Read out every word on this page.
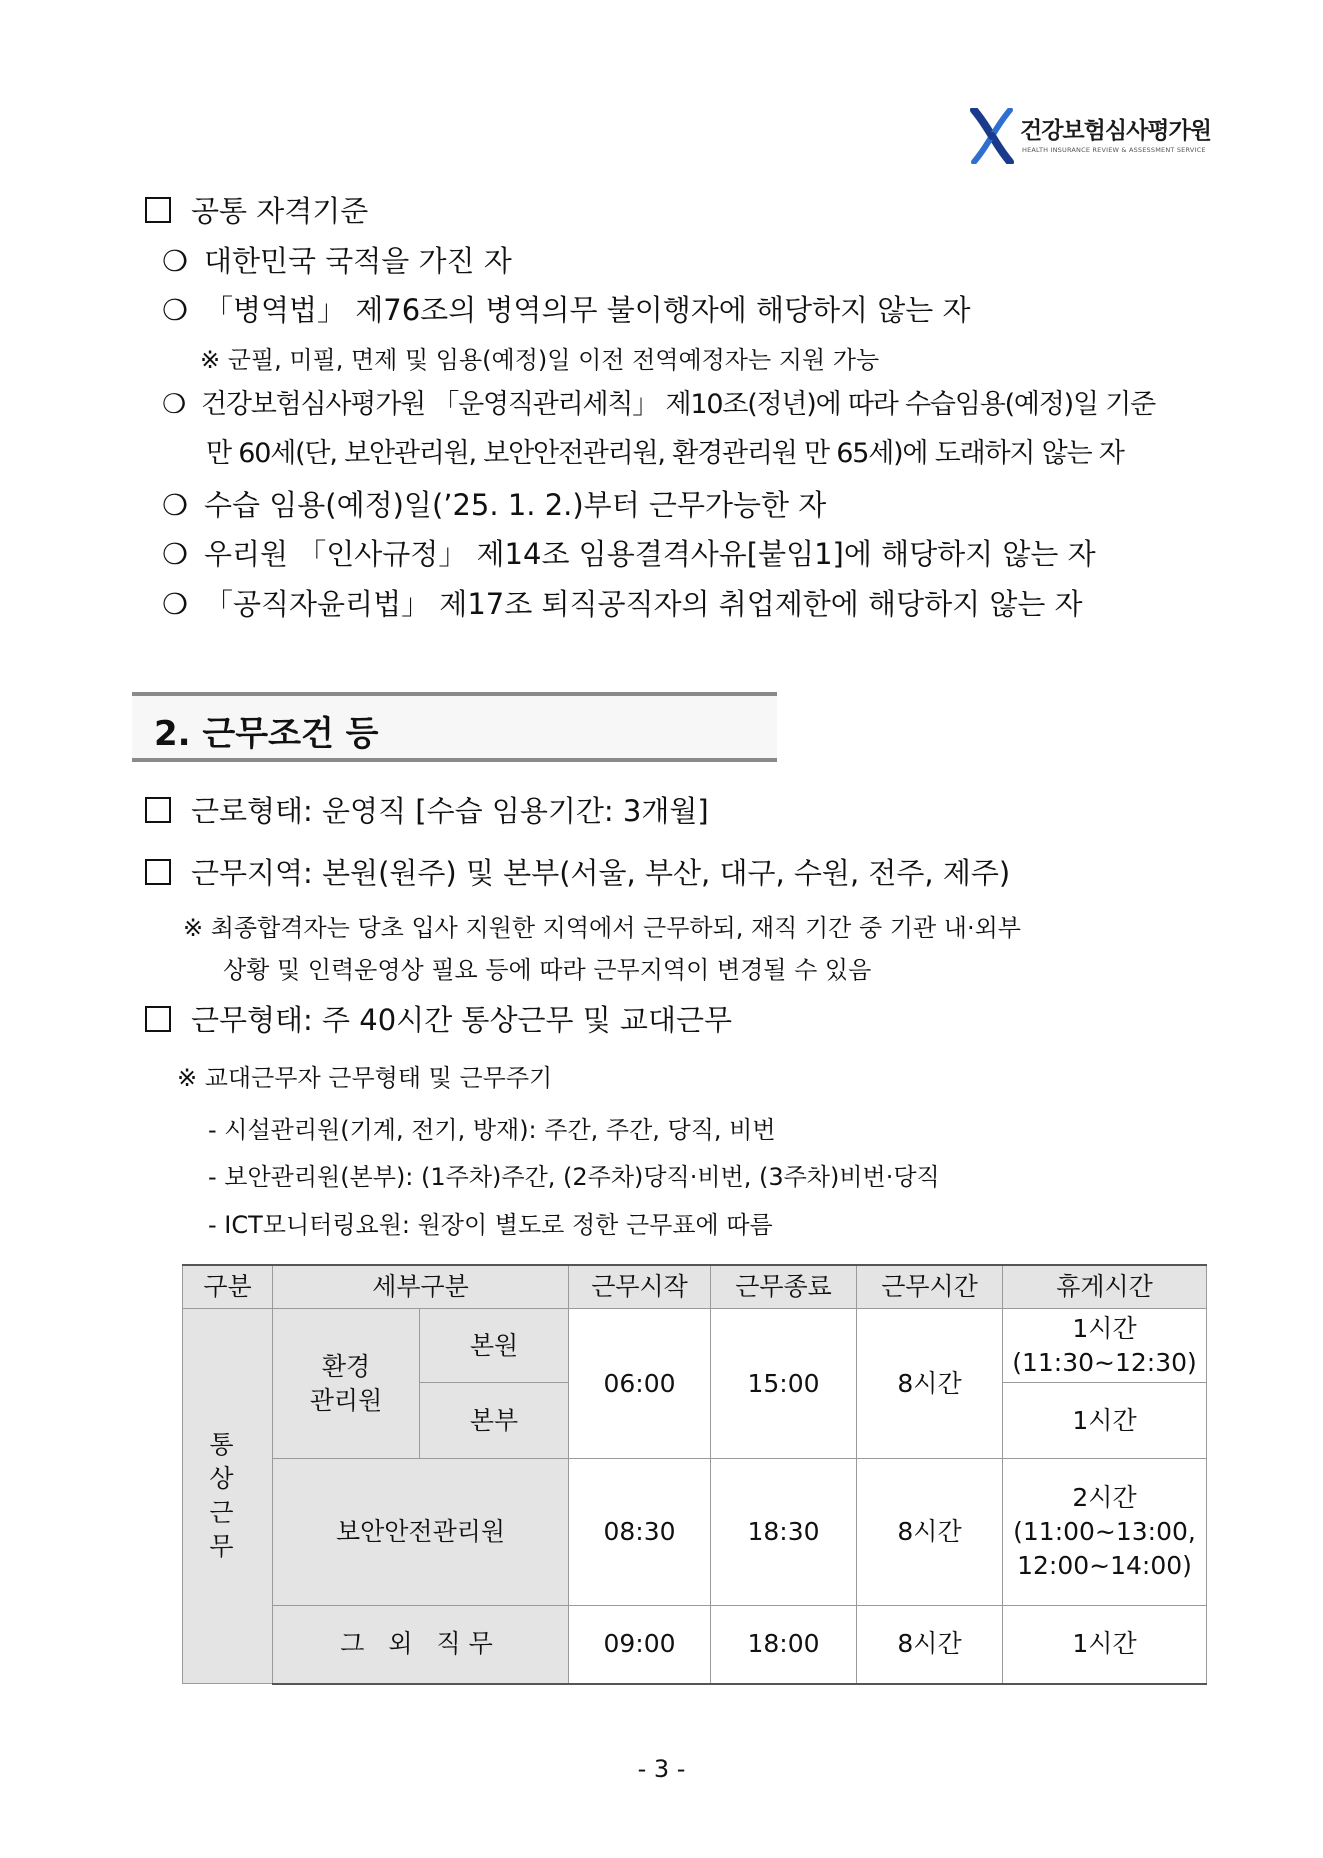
건강보험심사평가원
HEALTH INSURANCE REVIEW & ASSESSMENT SERVICE
공통 자격기준
❍ 대한민국 국적을 가진 자
❍ 「병역법」 제76조의 병역의무 불이행자에 해당하지 않는 자
※ 군필, 미필, 면제 및 임용(예정)일 이전 전역예정자는 지원 가능
❍ 건강보험심사평가원 「운영직관리세칙」 제10조(정년)에 따라 수습임용(예정)일 기준
만 60세(단, 보안관리원, 보안안전관리원, 환경관리원 만 65세)에 도래하지 않는 자
❍ 수습 임용(예정)일(’25. 1. 2.)부터 근무가능한 자
❍ 우리원 「인사규정」 제14조 임용결격사유[붙임1]에 해당하지 않는 자
❍ 「공직자윤리법」 제17조 퇴직공직자의 취업제한에 해당하지 않는 자
2. 근무조건 등
근로형태: 운영직 [수습 임용기간: 3개월]
근무지역: 본원(원주) 및 본부(서울, 부산, 대구, 수원, 전주, 제주)
※ 최종합격자는 당초 입사 지원한 지역에서 근무하되, 재직 기간 중 기관 내·외부
상황 및 인력운영상 필요 등에 따라 근무지역이 변경될 수 있음
근무형태: 주 40시간 통상근무 및 교대근무
※ 교대근무자 근무형태 및 근무주기
- 시설관리원(기계, 전기, 방재): 주간, 주간, 당직, 비번
- 보안관리원(본부): (1주차)주간, (2주차)당직·비번, (3주차)비번·당직
- ICT모니터링요원: 원장이 별도로 정한 근무표에 따름
구분	세부구분		근무시작	근무종료	근무시간	휴게시간

통 상 근 무	환경 관리원	본원	06:00	15:00	8시간	1시간
(11:30~12:30)

		본부				1시간
	보안안전관리원		08:30	18:30	8시간	2시간
(11:00~13:00,
12:00~14:00)

	그 외 직무		09:00	18:00	8시간	1시간
- 3 -
